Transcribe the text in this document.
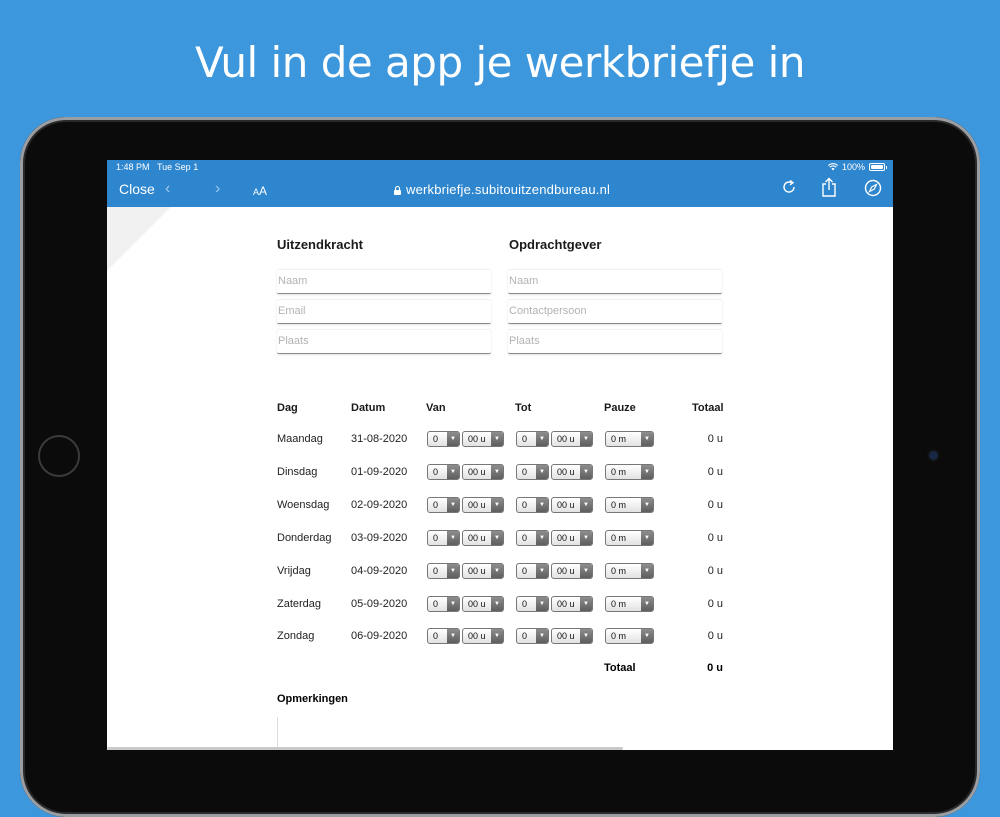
Vul in de app je werkbriefje in
1:48 PM Tue Sep 1	100%
Close ‹	›	AA	werkbriefje.subitouitzendbureau.nl
Uitzendkracht	Opdrachtgever
Naam
Email
Plaats
Naam
Contactpersoon
Plaats
Dag	Datum	Van	Tot	Pauze	Totaal
Maandag	31-08-2020	0	▼	00 u	▼	0	▼	00 u	▼	0 m	▼	0 u
Dinsdag	01-09-2020	0	▼	00 u	▼	0	▼	00 u	▼	0 m	▼	0 u
Woensdag 02-09-2020	0	▼	00 u	▼	0	▼	00 u	▼	0 m	▼	0 u
Donderdag 03-09-2020	0	▼	00 u	▼	0	▼	00 u	▼	0 m	▼	0 u
Vrijdag	04-09-2020	0	▼	00 u	▼	0	▼	00 u	▼	0 m	▼	0 u
Zaterdag	05-09-2020	0	▼	00 u	▼	0	▼	00 u	▼	0 m	▼	0 u
Zondag	06-09-2020	0	▼	00 u	▼	0	▼	00 u	▼	0 m	▼	0 u
Totaal	0 u
Opmerkingen
